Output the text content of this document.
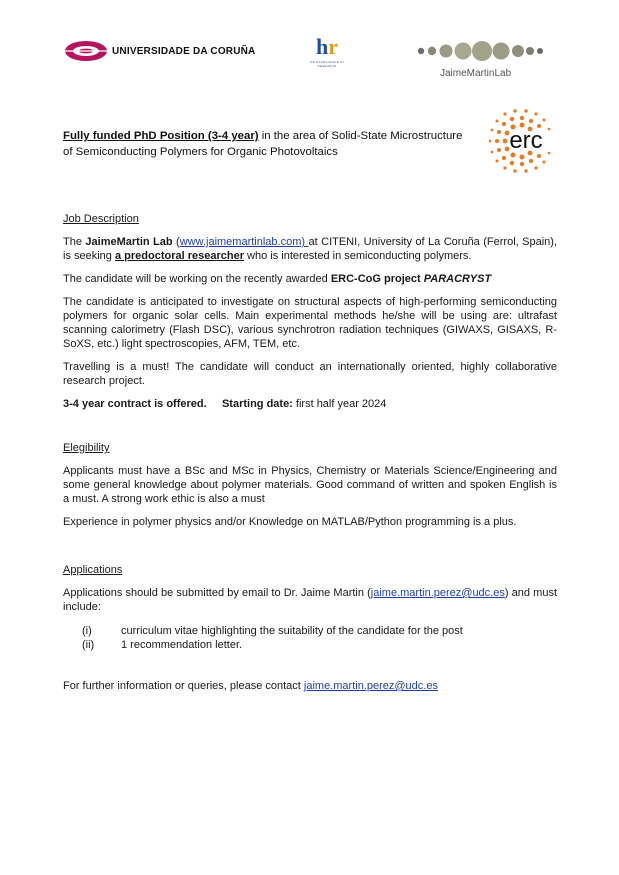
UNIVERSIDADE DA CORUÑA	hr
HR EXCELLENCE IN RESEARCH
JaimeMartinLab
Fully funded PhD Position (3-4 year) in the area of Solid-State Microstructure of Semiconducting Polymers for Organic Photovoltaics	erc
Job Description

The JaimeMartin Lab (www.jaimemartinlab.com) at CITENI, University of La Coruña (Ferrol, Spain), is seeking a predoctoral researcher who is interested in semiconducting polymers.

The candidate will be working on the recently awarded ERC-CoG project PARACRYST

The candidate is anticipated to investigate on structural aspects of high-performing semiconducting polymers for organic solar cells. Main experimental methods he/she will be using are: ultrafast scanning calorimetry (Flash DSC), various synchrotron radiation techniques (GIWAXS, GISAXS, R-SoXS, etc.) light spectroscopies, AFM, TEM, etc.

Travelling is a must! The candidate will conduct an internationally oriented, highly collaborative research project.

3-4 year contract is offered. Starting date: first half year 2024

Elegibility

Applicants must have a BSc and MSc in Physics, Chemistry or Materials Science/Engineering and some general knowledge about polymer materials. Good command of written and spoken English is a must. A strong work ethic is also a must

Experience in polymer physics and/or Knowledge on MATLAB/Python programming is a plus.

Applications

Applications should be submitted by email to Dr. Jaime Martin (jaime.martin.perez@udc.es) and must include:

(i)	curriculum vitae highlighting the suitability of the candidate for the post
(ii)	1 recommendation letter.

For further information or queries, please contact jaime.martin.perez@udc.es
